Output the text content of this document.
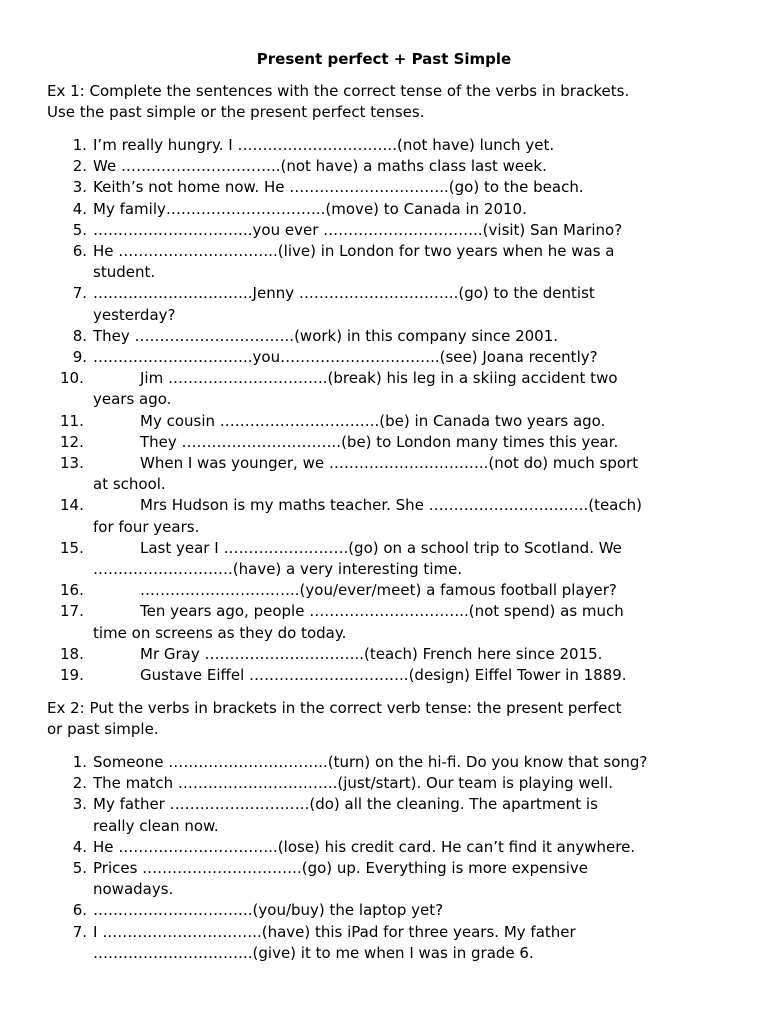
Present perfect + Past Simple
Ex 1: Complete the sentences with the correct tense of the verbs in brackets.
Use the past simple or the present perfect tenses.
1. I’m really hungry. I …………………………..(not have) lunch yet.
2. We …………………………..(not have) a maths class last week.
3. Keith’s not home now. He …………………………..(go) to the beach.
4. My family…………………………..(move) to Canada in 2010.
5. …………………………..you ever …………………………..(visit) San Marino?
6. He …………………………..(live) in London for two years when he was a
student.
7. …………………………..Jenny …………………………..(go) to the dentist
yesterday?
8. They …………………………..(work) in this company since 2001.
9. …………………………..you…………………………..(see) Joana recently?
10.	Jim …………………………..(break) his leg in a skiing accident two
years ago.
11.	My cousin …………………………..(be) in Canada two years ago.
12.	They …………………………..(be) to London many times this year.
13.	When I was younger, we …………………………..(not do) much sport
at school.
14.	Mrs Hudson is my maths teacher. She …………………………..(teach)
for four years.
15.	Last year I …………………….(go) on a school trip to Scotland. We
……………………….(have) a very interesting time.
16.	…………………………..(you/ever/meet) a famous football player?
17.	Ten years ago, people …………………………..(not spend) as much
time on screens as they do today.
18.	Mr Gray …………………………..(teach) French here since 2015.
19.	Gustave Eiffel …………………………..(design) Eiffel Tower in 1889.
Ex 2: Put the verbs in brackets in the correct verb tense: the present perfect
or past simple.
1. Someone …………………………..(turn) on the hi-fi. Do you know that song?
2. The match …………………………..(just/start). Our team is playing well.
3. My father ……………………….(do) all the cleaning. The apartment is
really clean now.
4. He …………………………..(lose) his credit card. He can’t find it anywhere.
5. Prices …………………………..(go) up. Everything is more expensive
nowadays.
6. …………………………..(you/buy) the laptop yet?
7. I …………………………..(have) this iPad for three years. My father
…………………………..(give) it to me when I was in grade 6.
